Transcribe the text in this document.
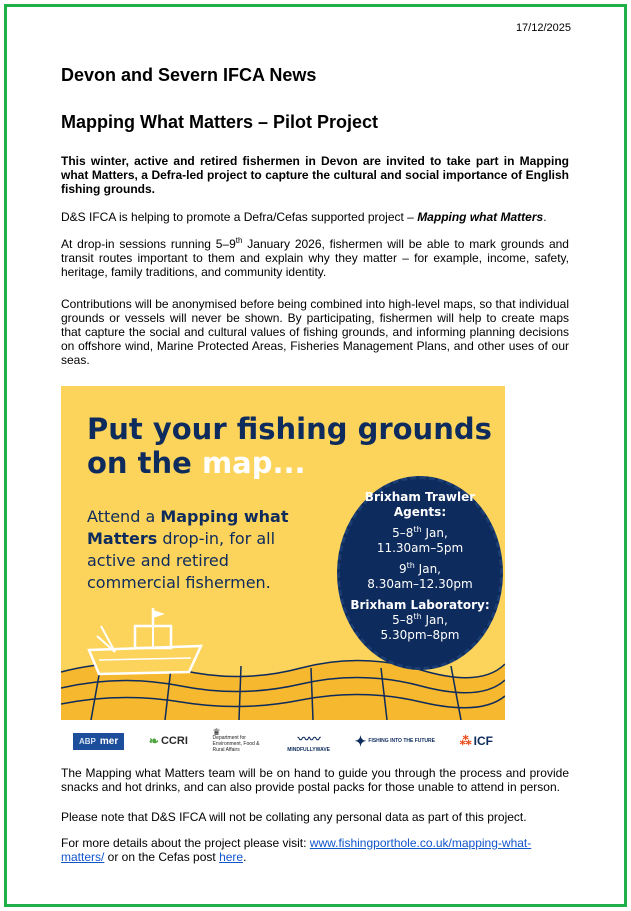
17/12/2025
Devon and Severn IFCA News
Mapping What Matters – Pilot Project
This winter, active and retired fishermen in Devon are invited to take part in Mapping what Matters, a Defra-led project to capture the cultural and social importance of English fishing grounds.
D&S IFCA is helping to promote a Defra/Cefas supported project – Mapping what Matters.
At drop-in sessions running 5–9th January 2026, fishermen will be able to mark grounds and transit routes important to them and explain why they matter – for example, income, safety, heritage, family traditions, and community identity.
Contributions will be anonymised before being combined into high-level maps, so that individual grounds or vessels will never be shown. By participating, fishermen will help to create maps that capture the social and cultural values of fishing grounds, and informing planning decisions on offshore wind, Marine Protected Areas, Fisheries Management Plans, and other uses of our seas.
Put your fishing grounds
on the map...
Attend a Mapping what Matters drop-in, for all active and retired commercial fishermen.
Brixham Trawler Agents:
5–8th Jan,
11.30am–5pm
9th Jan,
8.30am–12.30pm
Brixham Laboratory:
5–8th Jan,
5.30pm–8pm
ABP mer	❧ CCRI
♛
Department for Environment, Food & Rural Affairs
〰〰
MINDFULLYWAVE
✦ FISHING INTO THE FUTURE ⁂ ICF
The Mapping what Matters team will be on hand to guide you through the process and provide snacks and hot drinks, and can also provide postal packs for those unable to attend in person.
Please note that D&S IFCA will not be collating any personal data as part of this project.
For more details about the project please visit: www.fishingporthole.co.uk/mapping-what-matters/ or on the Cefas post here.
